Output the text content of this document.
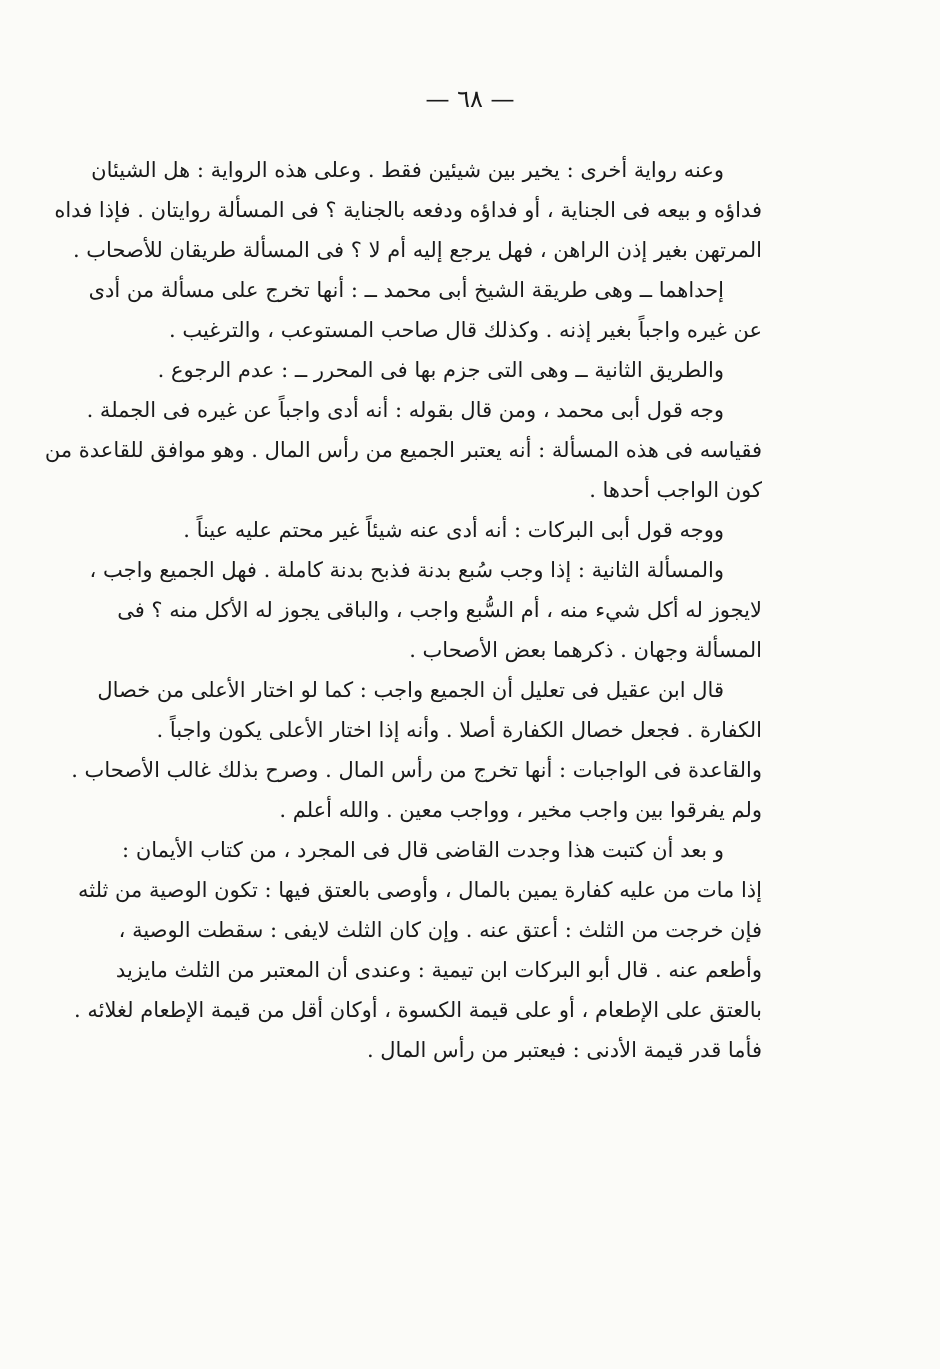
— ٦٨ —
وعنه رواية أخرى : يخير بين شيئين فقط . وعلى هذه الرواية : هل الشيئان
فداؤه و بيعه فى الجناية ، أو فداؤه ودفعه بالجناية ؟ فى المسألة روايتان . فإذا فداه
المرتهن بغير إذن الراهن ، فهل يرجع إليه أم لا ؟ فى المسألة طريقان للأصحاب .
إحداهما ــ وهى طريقة الشيخ أبى محمد ــ : أنها تخرج على مسألة من أدى
عن غيره واجباً بغير إذنه . وكذلك قال صاحب المستوعب ، والترغيب .
والطريق الثانية ــ وهى التى جزم بها فى المحرر ــ : عدم الرجوع .
وجه قول أبى محمد ، ومن قال بقوله : أنه أدى واجباً عن غيره فى الجملة .
فقياسه فى هذه المسألة : أنه يعتبر الجميع من رأس المال . وهو موافق للقاعدة من
كون الواجب أحدها .
ووجه قول أبى البركات : أنه أدى عنه شيئاً غير محتم عليه عيناً .
والمسألة الثانية : إذا وجب سُبع بدنة فذبح بدنة كاملة . فهل الجميع واجب ،
لايجوز له أكل شيء منه ، أم السُّبع واجب ، والباقى يجوز له الأكل منه ؟ فى
المسألة وجهان . ذكرهما بعض الأصحاب .
قال ابن عقيل فى تعليل أن الجميع واجب : كما لو اختار الأعلى من خصال
الكفارة . فجعل خصال الكفارة أصلا . وأنه إذا اختار الأعلى يكون واجباً .
والقاعدة فى الواجبات : أنها تخرج من رأس المال . وصرح بذلك غالب الأصحاب .
ولم يفرقوا بين واجب مخير ، وواجب معين . والله أعلم .
و بعد أن كتبت هذا وجدت القاضى قال فى المجرد ، من كتاب الأيمان :
إذا مات من عليه كفارة يمين بالمال ، وأوصى بالعتق فيها : تكون الوصية من ثلثه
فإن خرجت من الثلث : أعتق عنه . وإن كان الثلث لايفى : سقطت الوصية ،
وأطعم عنه . قال أبو البركات ابن تيمية : وعندى أن المعتبر من الثلث مايزيد
بالعتق على الإطعام ، أو على قيمة الكسوة ، أوكان أقل من قيمة الإطعام لغلائه .
فأما قدر قيمة الأدنى : فيعتبر من رأس المال .
